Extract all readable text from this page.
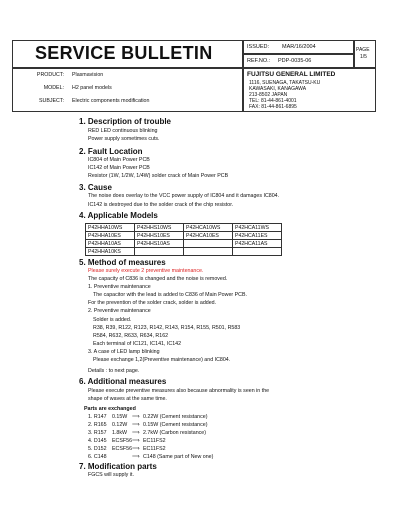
SERVICE BULLETIN	ISSUED: MAR/16/2004
REF.NO.: PDP-0035-06
PAGE
1/5
PRODUCT: Plasmavision
MODEL: H2 panel models
SUBJECT: Electric components modification
FUJITSU GENERAL LIMITED
1116, SUENAGA, TAKATSU-KU
KAWASAKI, KANAGAWA
213-8502 JAPAN
TEL: 81-44-861-4001
FAX: 81-44-861-6895
1. Description of trouble
RED LED continuous blinking
Power supply sometimes cuts.
2. Fault Location
IC804 of Main Power PCB
IC142 of Main Power PCB
Resistor (1W, 1/2W, 1/4W) solder crack of Main Power PCB
3. Cause
The noise does overlay to the VCC power supply of IC804 and it damages IC804.
IC142 is destroyed due to the solder crack of the chip resistor.
4. Applicable Models
P42HHA10WS	P42HHS10WS	P42HCA10WS	P42HCA11WS
P42HHA10ES	P42HHS10ES	P42HCA10ES	P42HCA11ES
P42HHA10AS	P42HHS10AS		P42HCA11AS
P42HHA10KS			
5. Method of measures
Please surely execute 2 preventive maintenance.
The capacity of C836 is changed and the noise is removed.
1. Preventive maintenance
The capacitor with the lead is added to C836 of Main Power PCB.
For the prevention of the solder crack, solder is added.
2. Preventive maintenance
Solder is added.
R38, R39, R122, R123, R142, R143, R154, R155, R501, R583
R584, R632, R633, R634, R162
Each terminal of IC121, IC141, IC142
3. A case of LED lamp blinking
Please exchange 1,2(Preventive maintenance) and IC804.
Details : to next page.
6. Additional measures
Please execute preventive measures also because abnormality is seen in the
shape of waves at the same time.
Parts are exchanged
1. R147 0.15W ⟹ 0.22W (Cement resistance)
2. R165 0.12W ⟹ 0.15W (Cement resistance)
3. R157 1.8kW ⟹ 2.7kW (Carbon resistance)
4. D145 ECSF56 ⟹ EC11FS2
5. D152 ECSF56 ⟹ EC11FS2
6. C148	⟹ C148 (Same part of New one)
7. Modification parts
FGCS will supply it.
